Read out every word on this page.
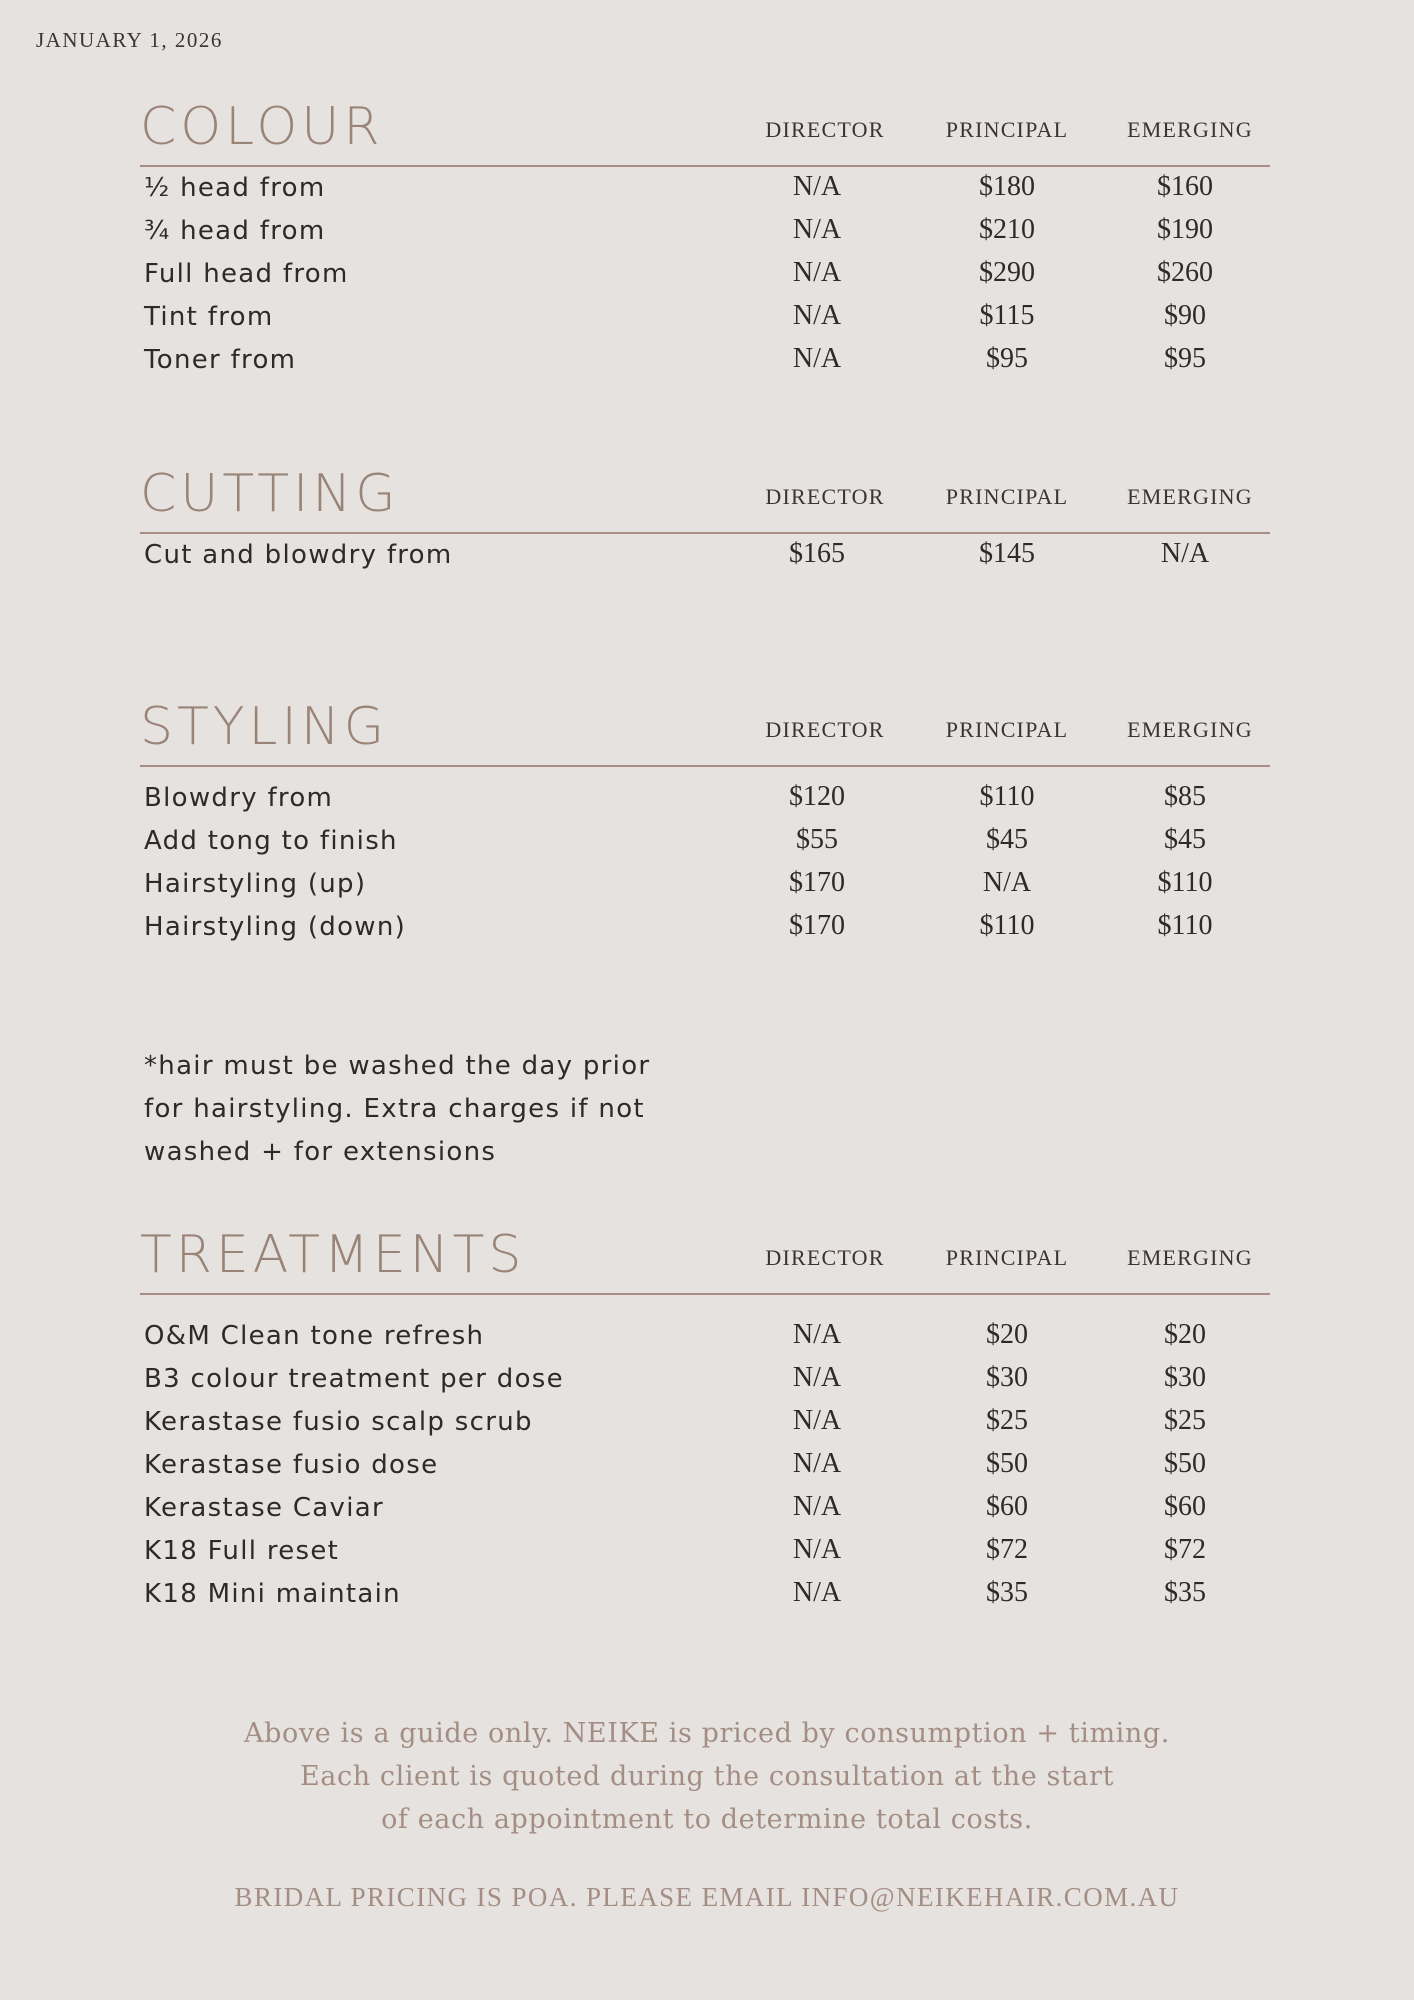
JANUARY 1, 2026
COLOUR	DIRECTOR	PRINCIPAL	EMERGING
½ head from	N/A	$180	$160
¾ head from	N/A	$210	$190
Full head from	N/A	$290	$260
Tint from	N/A	$115	$90
Toner from	N/A	$95	$95
CUTTING	DIRECTOR	PRINCIPAL	EMERGING
Cut and blowdry from	$165	$145	N/A
STYLING	DIRECTOR	PRINCIPAL	EMERGING
Blowdry from	$120	$110	$85
Add tong to finish	$55	$45	$45
Hairstyling (up)	$170	N/A	$110
Hairstyling (down)	$170	$110	$110
*hair must be washed the day prior
for hairstyling. Extra charges if not
washed + for extensions
TREATMENTS	DIRECTOR	PRINCIPAL	EMERGING
O&M Clean tone refresh	N/A	$20	$20
B3 colour treatment per dose	N/A	$30	$30
Kerastase fusio scalp scrub	N/A	$25	$25
Kerastase fusio dose	N/A	$50	$50
Kerastase Caviar	N/A	$60	$60
K18 Full reset	N/A	$72	$72
K18 Mini maintain	N/A	$35	$35
Above is a guide only. NEIKE is priced by consumption + timing.
Each client is quoted during the consultation at the start
of each appointment to determine total costs.
BRIDAL PRICING IS POA. PLEASE EMAIL INFO@NEIKEHAIR.COM.AU
